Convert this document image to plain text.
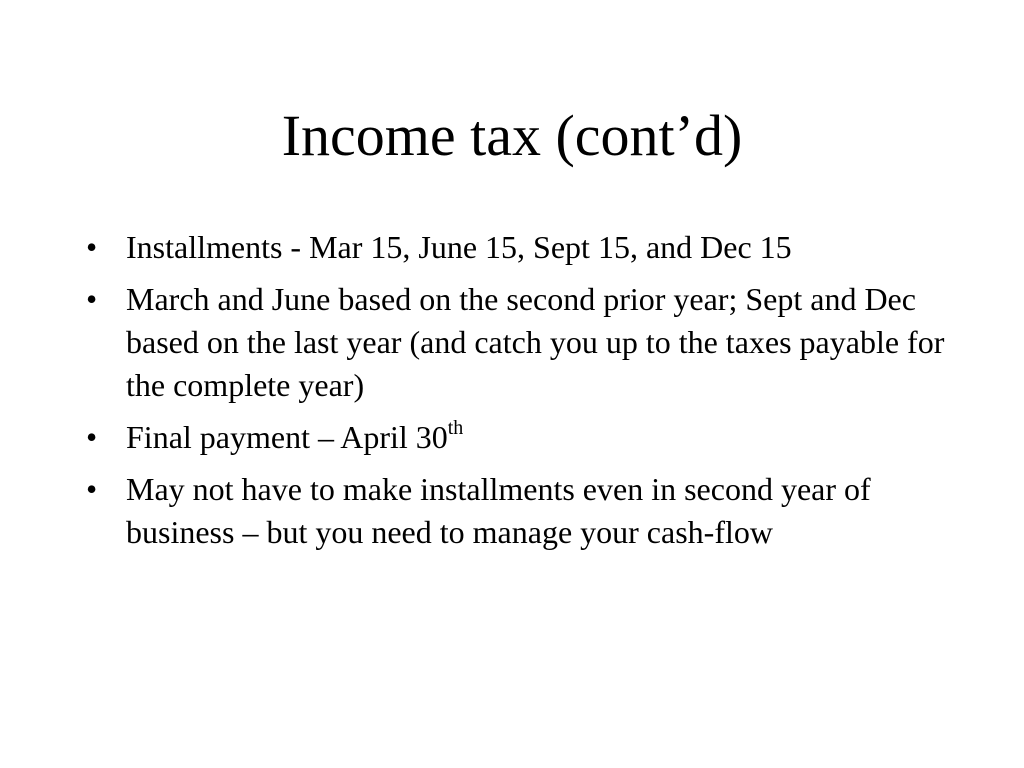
Income tax (cont’d)
• Installments - Mar 15, June 15, Sept 15, and Dec 15
• March and June based on the second prior year; Sept and Dec based on the last year (and catch you up to the taxes payable for the complete year)
• Final payment – April 30th
• May not have to make installments even in second year of business – but you need to manage your cash-flow
